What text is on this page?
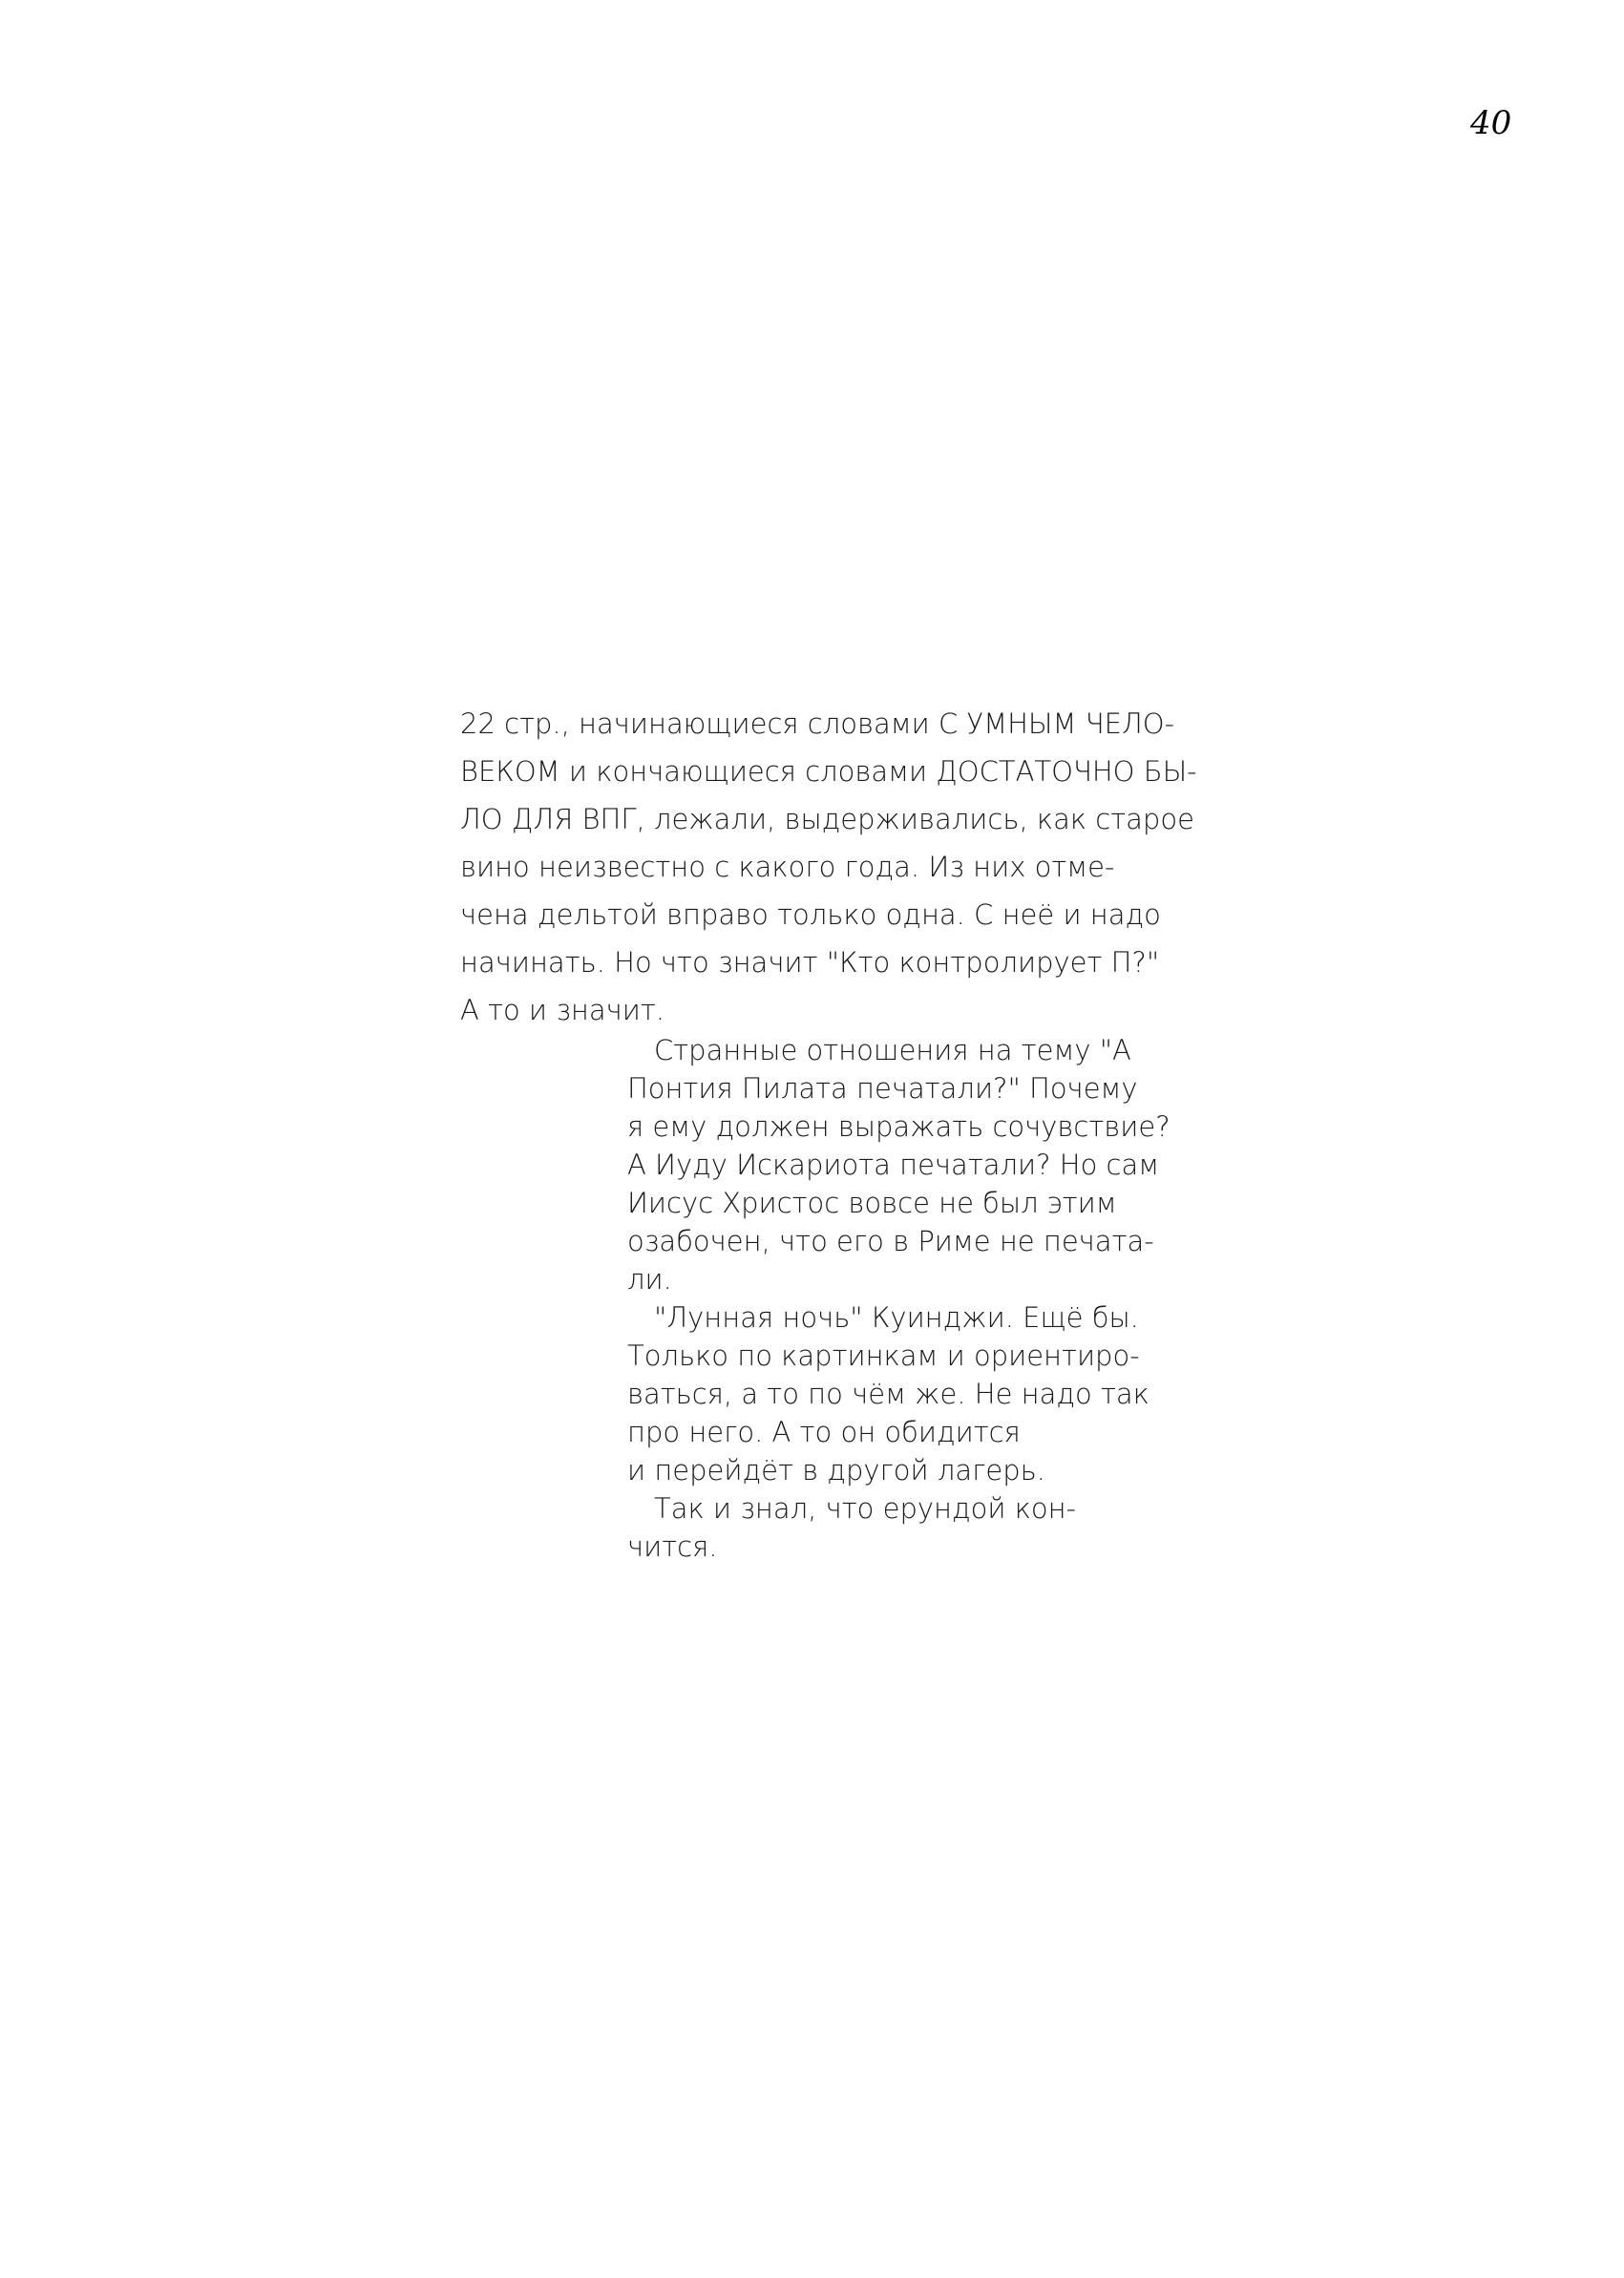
40
22 стр., начинающиеся словами С УМНЫМ ЧЕЛО-
ВЕКОМ и кончающиеся словами ДОСТАТОЧНО БЫ-
ЛО ДЛЯ ВПГ, лежали, выдерживались, как старое
вино неизвестно с какого года. Из них отме-
чена дельтой вправо только одна. С неё и надо
начинать. Но что значит "Кто контролирует П?"
А то и значит.
Странные отношения на тему "А
Понтия Пилата печатали?" Почему
я ему должен выражать сочувствие?
А Иуду Искариота печатали? Но сам
Иисус Христос вовсе не был этим
озабочен, что его в Риме не печата-
ли.
"Лунная ночь" Куинджи. Ещё бы.
Только по картинкам и ориентиро-
ваться, а то по чём же. Не надо так
про него. А то он обидится
и перейдёт в другой лагерь.
Так и знал, что ерундой кон-
чится.
